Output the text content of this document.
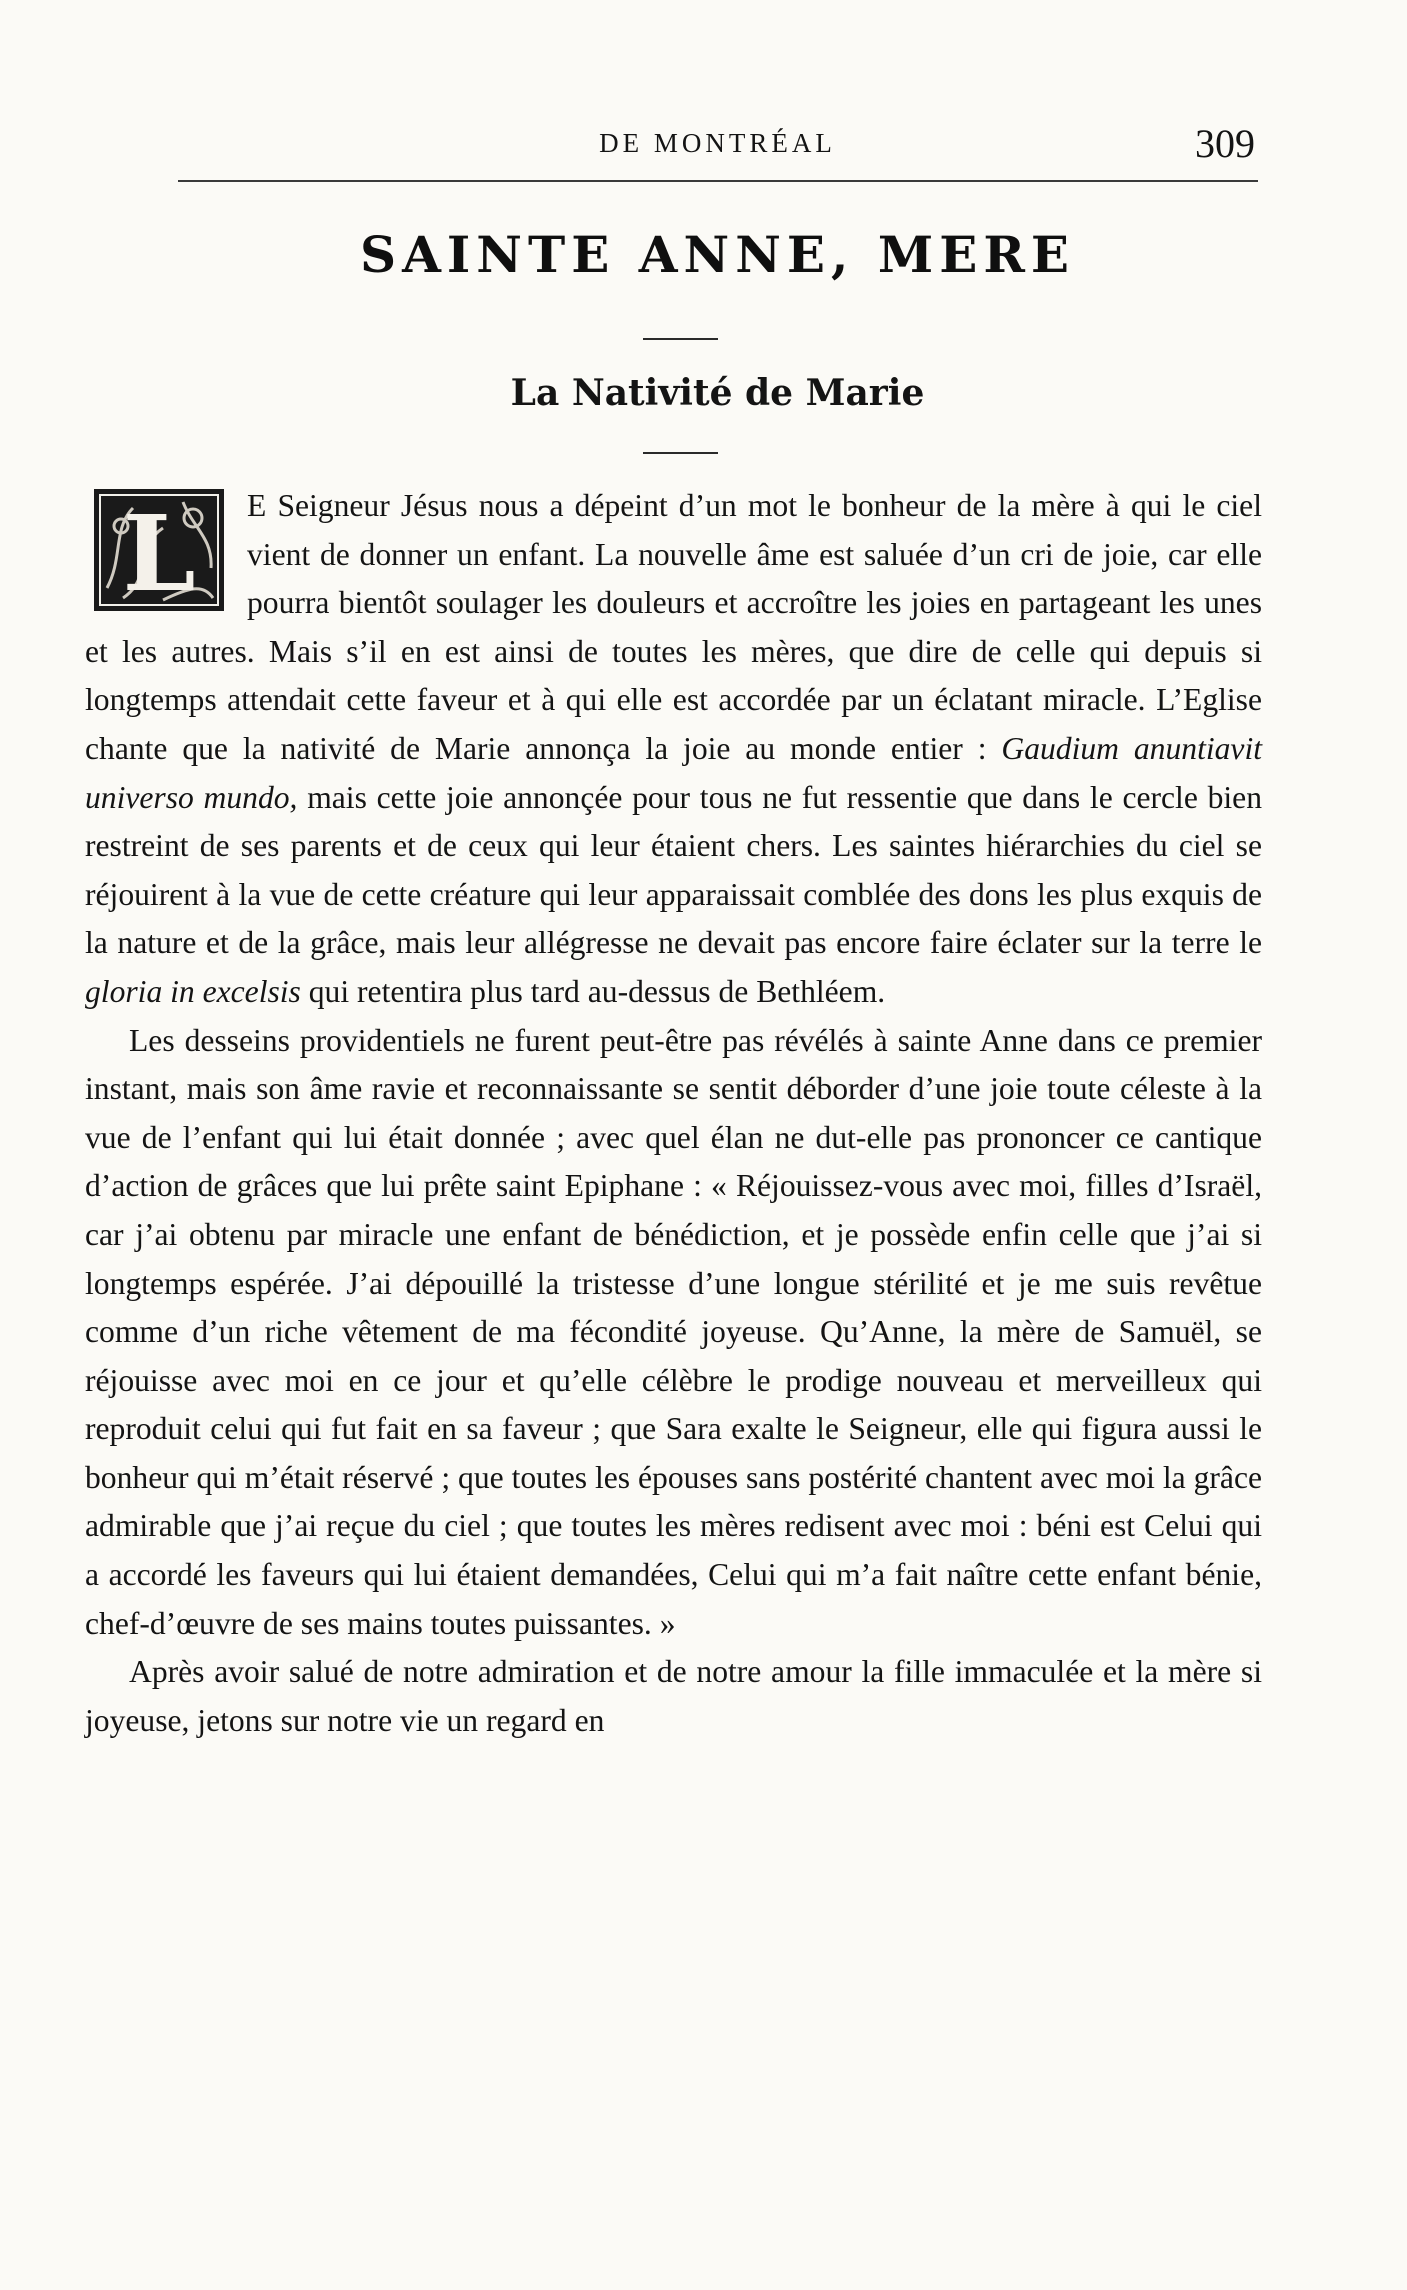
DE MONTRÉAL	309
SAINTE ANNE, MERE
La Nativité de Marie

L E Seigneur Jésus nous a dépeint d’un mot le bonheur de la mère à qui le ciel vient de donner un enfant. La nouvelle âme est saluée d’un cri de joie, car elle pourra bientôt soulager les douleurs et accroître les joies en partageant les unes et les autres. Mais s’il en est ainsi de toutes les mères, que dire de celle qui depuis si longtemps attendait cette faveur et à qui elle est accordée par un éclatant miracle. L’Eglise chante que la nativité de Marie annonça la joie au monde entier : Gaudium anuntiavit universo mundo, mais cette joie annonçée pour tous ne fut ressentie que dans le cercle bien restreint de ses parents et de ceux qui leur étaient chers. Les saintes hiérarchies du ciel se réjouirent à la vue de cette créature qui leur apparaissait comblée des dons les plus exquis de la nature et de la grâce, mais leur allégresse ne devait pas encore faire éclater sur la terre le gloria in excelsis qui retentira plus tard au-dessus de Bethléem.

Les desseins providentiels ne furent peut-être pas révélés à sainte Anne dans ce premier instant, mais son âme ravie et reconnaissante se sentit déborder d’une joie toute céleste à la vue de l’enfant qui lui était donnée ; avec quel élan ne dut-elle pas prononcer ce cantique d’action de grâces que lui prête saint Epiphane : « Réjouissez-vous avec moi, filles d’Israël, car j’ai obtenu par miracle une enfant de bénédiction, et je possède enfin celle que j’ai si longtemps espérée. J’ai dépouillé la tristesse d’une longue stérilité et je me suis revêtue comme d’un riche vêtement de ma fécondité joyeuse. Qu’Anne, la mère de Samuël, se réjouisse avec moi en ce jour et qu’elle célèbre le prodige nouveau et merveilleux qui reproduit celui qui fut fait en sa faveur ; que Sara exalte le Seigneur, elle qui figura aussi le bonheur qui m’était réservé ; que toutes les épouses sans postérité chantent avec moi la grâce admirable que j’ai reçue du ciel ; que toutes les mères redisent avec moi : béni est Celui qui a accordé les faveurs qui lui étaient demandées, Celui qui m’a fait naître cette enfant bénie, chef-d’œuvre de ses mains toutes puissantes. »

Après avoir salué de notre admiration et de notre amour la fille immaculée et la mère si joyeuse, jetons sur notre vie un regard en
